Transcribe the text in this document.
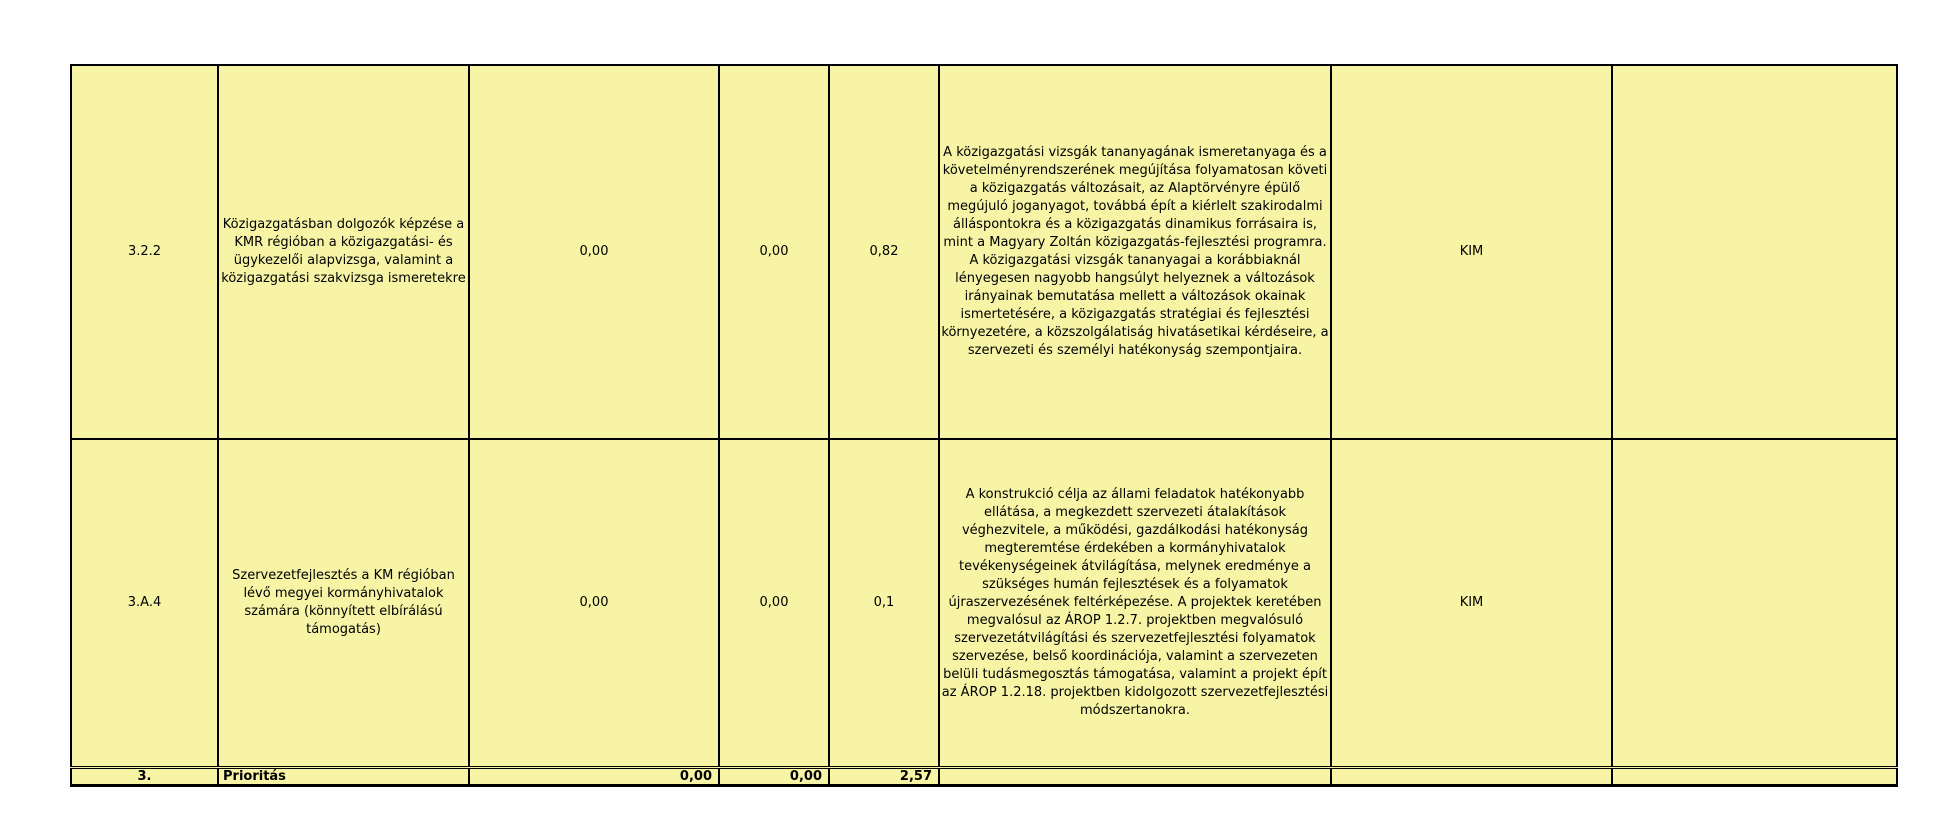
3.2.2	Közigazgatásban dolgozók képzése a KMR régióban a közigazgatási- és ügykezelői alapvizsga, valamint a közigazgatási szakvizsga ismeretekre	0,00	0,00	0,82	A közigazgatási vizsgák tananyagának ismeretanyaga és a követelményrendszerének megújítása folyamatosan követi a közigazgatás változásait, az Alaptörvényre épülő megújuló joganyagot, továbbá épít a kiérlelt szakirodalmi álláspontokra és a közigazgatás dinamikus forrásaira is, mint a Magyary Zoltán közigazgatás-fejlesztési programra. A közigazgatási vizsgák tananyagai a korábbiaknál lényegesen nagyobb hangsúlyt helyeznek a változások irányainak bemutatása mellett a változások okainak ismertetésére, a közigazgatás stratégiai és fejlesztési környezetére, a közszolgálatiság hivatásetikai kérdéseire, a szervezeti és személyi hatékonyság szempontjaira.	KIM	
3.A.4	Szervezetfejlesztés a KM régióban lévő megyei kormányhivatalok számára (könnyített elbírálású támogatás)	0,00	0,00	0,1	A konstrukció célja az állami feladatok hatékonyabb ellátása, a megkezdett szervezeti átalakítások véghezvitele, a működési, gazdálkodási hatékonyság megteremtése érdekében a kormányhivatalok tevékenységeinek átvilágítása, melynek eredménye a szükséges humán fejlesztések és a folyamatok újraszervezésének feltérképezése. A projektek keretében megvalósul az ÁROP 1.2.7. projektben megvalósuló szervezetátvilágítási és szervezetfejlesztési folyamatok szervezése, belső koordinációja, valamint a szervezeten belüli tudásmegosztás támogatása, valamint a projekt épít az ÁROP 1.2.18. projektben kidolgozott szervezetfejlesztési módszertanokra.	KIM	
3.	Prioritás	0,00	0,00	2,57			
